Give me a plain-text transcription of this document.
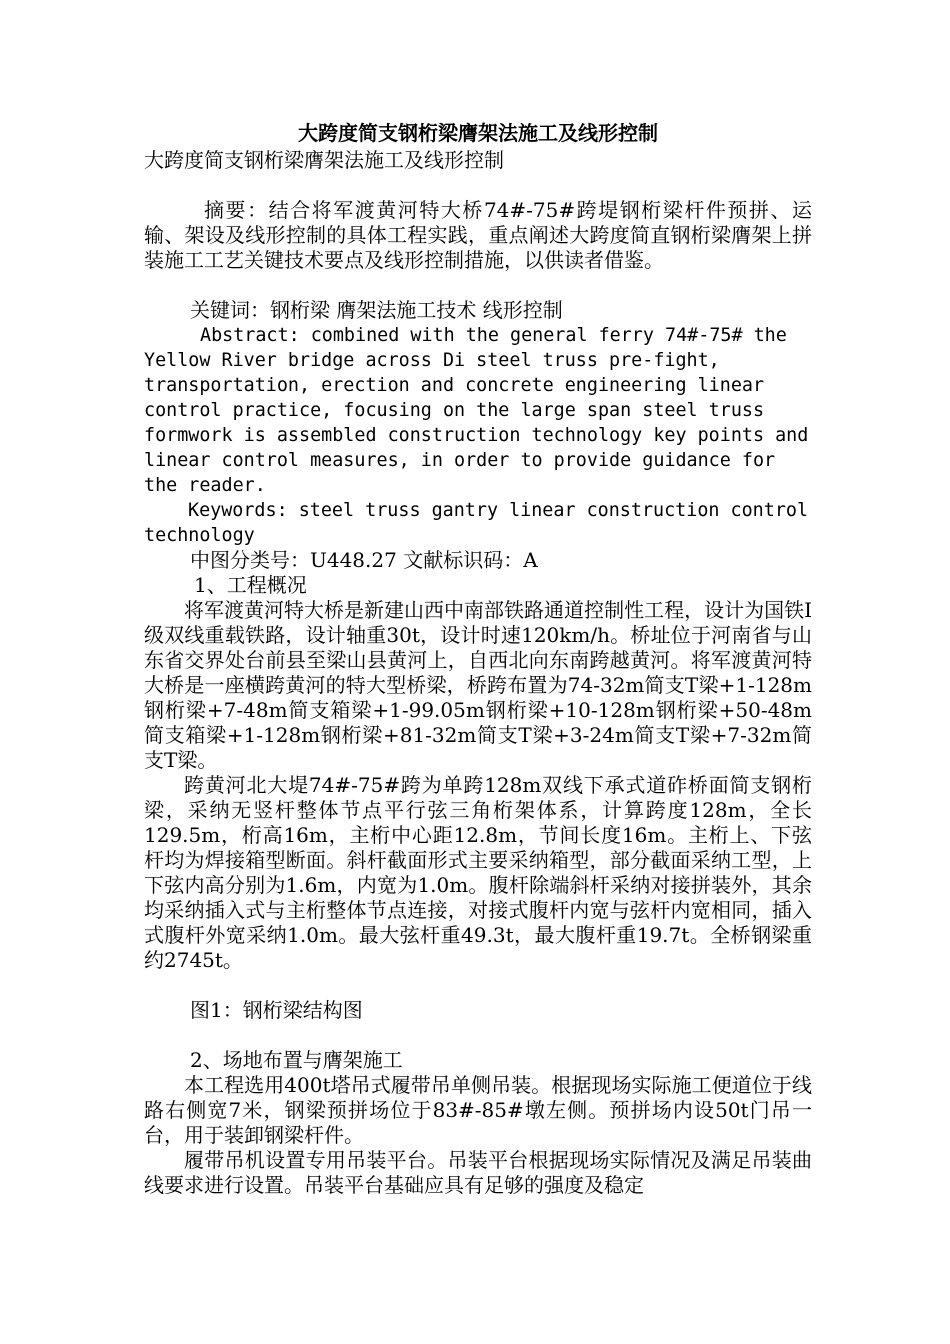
大跨度简支钢桁梁膺架法施工及线形控制

大跨度简支钢桁梁膺架法施工及线形控制

摘要：结合将军渡黄河特大桥74#-75#跨堤钢桁梁杆件预拼、运输、架设及线形控制的具体工程实践，重点阐述大跨度简直钢桁梁膺架上拼装施工工艺关键技术要点及线形控制措施，以供读者借鉴。

关键词：钢桁梁 膺架法施工技术 线形控制

Abstract: combined with the general ferry 74#-75# the Yellow River bridge across Di steel truss pre-fight, transportation, erection and concrete engineering linear control practice, focusing on the large span steel truss formwork is assembled construction technology key points and linear control measures, in order to provide guidance for the reader.

Keywords: steel truss gantry linear construction control technology

中图分类号：U448.27 文献标识码：A

1、工程概况

将军渡黄河特大桥是新建山西中南部铁路通道控制性工程，设计为国铁Ⅰ级双线重载铁路，设计轴重30t，设计时速120km/h。桥址位于河南省与山东省交界处台前县至梁山县黄河上，自西北向东南跨越黄河。将军渡黄河特大桥是一座横跨黄河的特大型桥梁，桥跨布置为74-32m简支T梁+1-128m钢桁梁+7-48m简支箱梁+1-99.05m钢桁梁+10-128m钢桁梁+50-48m简支箱梁+1-128m钢桁梁+81-32m简支T梁+3-24m简支T梁+7-32m简支T梁。

跨黄河北大堤74#-75#跨为单跨128m双线下承式道砟桥面简支钢桁梁，采纳无竖杆整体节点平行弦三角桁架体系，计算跨度128m，全长129.5m，桁高16m，主桁中心距12.8m，节间长度16m。主桁上、下弦杆均为焊接箱型断面。斜杆截面形式主要采纳箱型，部分截面采纳工型，上下弦内高分别为1.6m，内宽为1.0m。腹杆除端斜杆采纳对接拼装外，其余均采纳插入式与主桁整体节点连接，对接式腹杆内宽与弦杆内宽相同，插入式腹杆外宽采纳1.0m。最大弦杆重49.3t，最大腹杆重19.7t。全桥钢梁重约2745t。

图1：钢桁梁结构图

2、场地布置与膺架施工

本工程选用400t塔吊式履带吊单侧吊装。根据现场实际施工便道位于线路右侧宽7米，钢梁预拼场位于83#-85#墩左侧。预拼场内设50t门吊一台，用于装卸钢梁杆件。

履带吊机设置专用吊装平台。吊装平台根据现场实际情况及满足吊装曲线要求进行设置。吊装平台基础应具有足够的强度及稳定
